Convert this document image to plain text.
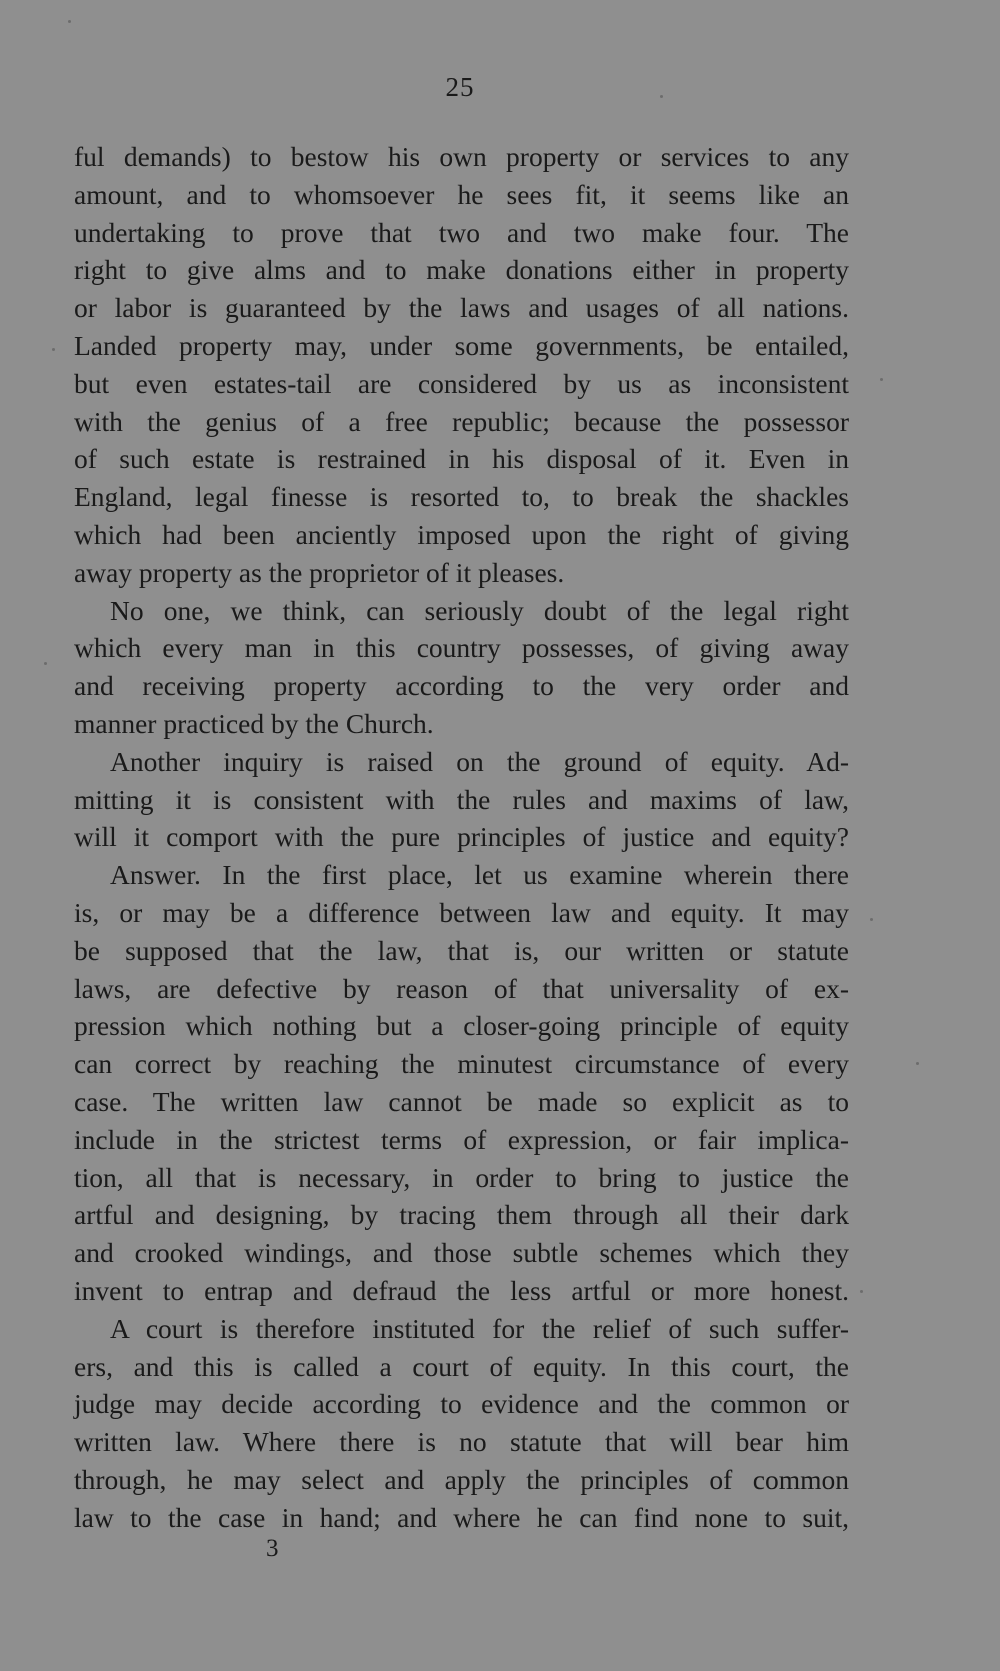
25
ful demands) to bestow his own property or services to any
amount, and to whomsoever he sees fit, it seems like an
undertaking to prove that two and two make four. The
right to give alms and to make donations either in property
or labor is guaranteed by the laws and usages of all nations.
Landed property may, under some governments, be entailed,
but even estates-tail are considered by us as inconsistent
with the genius of a free republic; because the possessor
of such estate is restrained in his disposal of it. Even in
England, legal finesse is resorted to, to break the shackles
which had been anciently imposed upon the right of giving
away property as the proprietor of it pleases.
No one, we think, can seriously doubt of the legal right
which every man in this country possesses, of giving away
and receiving property according to the very order and
manner practiced by the Church.
Another inquiry is raised on the ground of equity. Ad-
mitting it is consistent with the rules and maxims of law,
will it comport with the pure principles of justice and equity?
Answer. In the first place, let us examine wherein there
is, or may be a difference between law and equity. It may
be supposed that the law, that is, our written or statute
laws, are defective by reason of that universality of ex-
pression which nothing but a closer-going principle of equity
can correct by reaching the minutest circumstance of every
case. The written law cannot be made so explicit as to
include in the strictest terms of expression, or fair implica-
tion, all that is necessary, in order to bring to justice the
artful and designing, by tracing them through all their dark
and crooked windings, and those subtle schemes which they
invent to entrap and defraud the less artful or more honest.
A court is therefore instituted for the relief of such suffer-
ers, and this is called a court of equity. In this court, the
judge may decide according to evidence and the common or
written law. Where there is no statute that will bear him
through, he may select and apply the principles of common
law to the case in hand; and where he can find none to suit,
3
